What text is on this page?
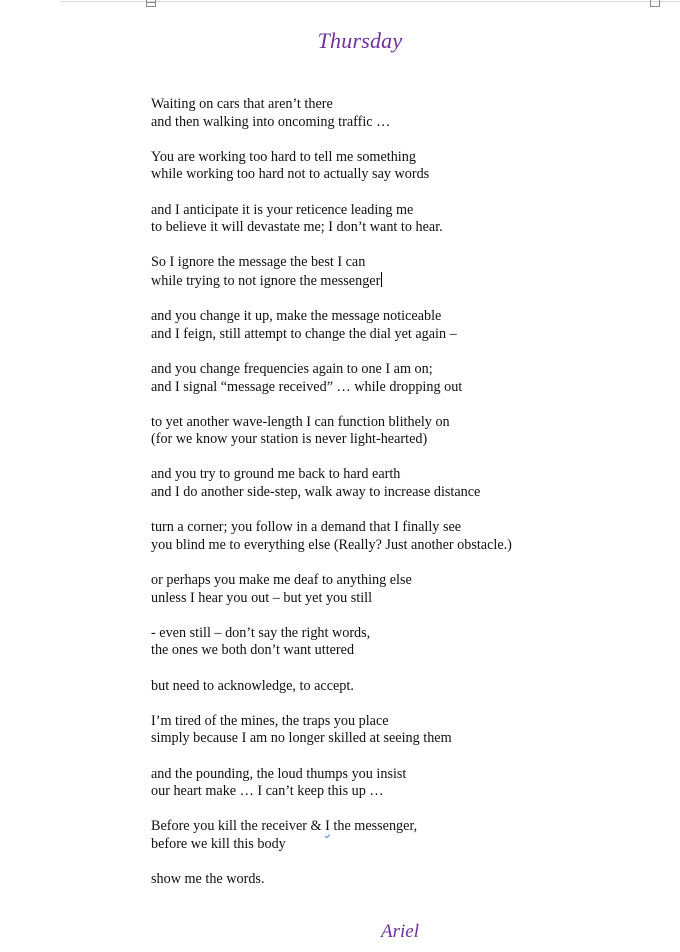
Thursday
Waiting on cars that aren’t there
and then walking into oncoming traffic …
You are working too hard to tell me something
while working too hard not to actually say words
and I anticipate it is your reticence leading me
to believe it will devastate me; I don’t want to hear.
So I ignore the message the best I can
while trying to not ignore the messenger
and you change it up, make the message noticeable
and I feign, still attempt to change the dial yet again –
and you change frequencies again to one I am on;
and I signal “message received” … while dropping out
to yet another wave-length I can function blithely on
(for we know your station is never light-hearted)
and you try to ground me back to hard earth
and I do another side-step, walk away to increase distance
turn a corner; you follow in a demand that I finally see
you blind me to everything else (Really? Just another obstacle.)
or perhaps you make me deaf to anything else
unless I hear you out – but yet you still
- even still – don’t say the right words,
the ones we both don’t want uttered
but need to acknowledge, to accept.
I’m tired of the mines, the traps you place
simply because I am no longer skilled at seeing them
and the pounding, the loud thumps you insist
our heart make … I can’t keep this up …
Before you kill the receiver & I the messenger,
before we kill this body
show me the words.
Ariel
